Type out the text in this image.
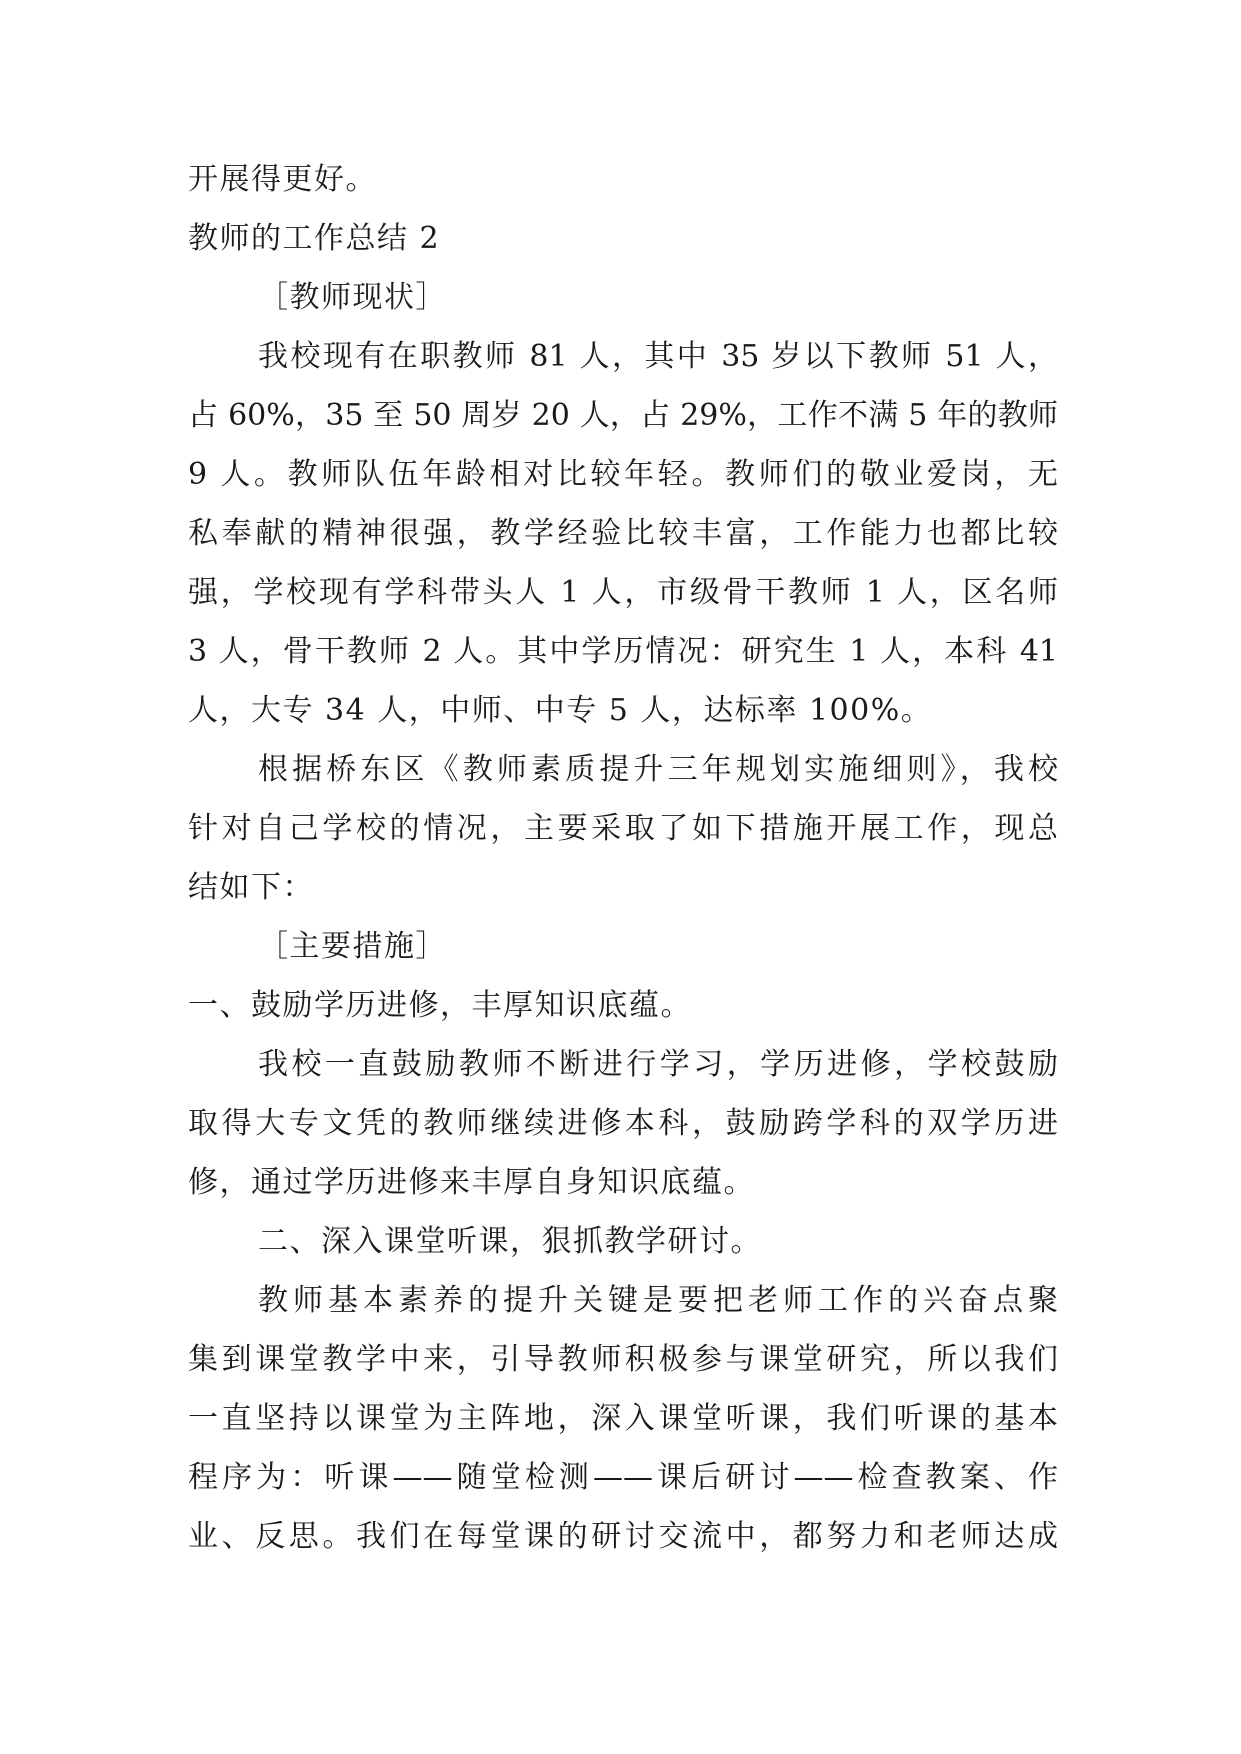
开展得更好。
教师的工作总结 2
［教师现状］
我校现有在职教师 81 人，其中 35 岁以下教师 51 人，
占 60%，35 至 50 周岁 20 人，占 29%，工作不满 5 年的教师
9 人。教师队伍年龄相对比较年轻。教师们的敬业爱岗，无
私奉献的精神很强，教学经验比较丰富，工作能力也都比较
强，学校现有学科带头人 1 人，市级骨干教师 1 人，区名师
3 人，骨干教师 2 人。其中学历情况：研究生 1 人，本科 41
人，大专 34 人，中师、中专 5 人，达标率 100%。
根据桥东区《教师素质提升三年规划实施细则》，我校
针对自己学校的情况，主要采取了如下措施开展工作，现总
结如下：
［主要措施］
一、鼓励学历进修，丰厚知识底蕴。
我校一直鼓励教师不断进行学习，学历进修，学校鼓励
取得大专文凭的教师继续进修本科，鼓励跨学科的双学历进
修，通过学历进修来丰厚自身知识底蕴。
二、深入课堂听课，狠抓教学研讨。
教师基本素养的提升关键是要把老师工作的兴奋点聚
集到课堂教学中来，引导教师积极参与课堂研究，所以我们
一直坚持以课堂为主阵地，深入课堂听课，我们听课的基本
程序为：听课——随堂检测——课后研讨——检查教案、作
业、反思。我们在每堂课的研讨交流中，都努力和老师达成
